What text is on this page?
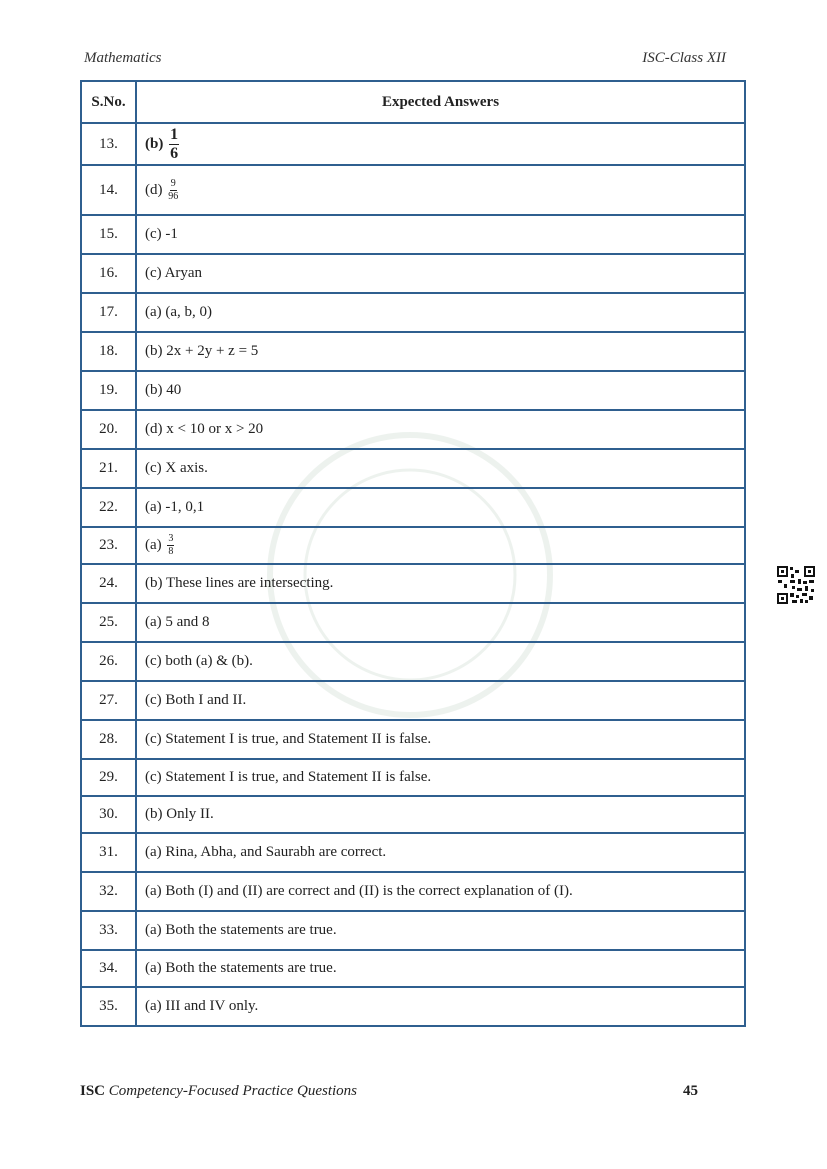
Mathematics	ISC-Class XII
S.No.	Expected Answers
13.	$(b) \frac{1}{6}$

14.	$(d) \frac{9}{96}$

15.	(c) -1
16.	(c) Aryan
17.	(a) (a, b, 0)
18.	(b) 2x + 2y + z = 5
19.	(b) 40
20.	(d) x < 10 or x > 20
21.	(c) X axis.
22.	(a) -1, 0,1
23.	$(a) \frac{3}{8}$

24.	(b) These lines are intersecting.
25.	(a) 5 and 8
26.	(c) both (a) & (b).
27.	(c) Both I and II.
28.	(c) Statement I is true, and Statement II is false.
29.	(c) Statement I is true, and Statement II is false.
30.	(b) Only II.
31.	(a) Rina, Abha, and Saurabh are correct.
32.	(a) Both (I) and (II) are correct and (II) is the correct explanation of (I).
33.	(a) Both the statements are true.
34.	(a) Both the statements are true.
35.	(a) III and IV only.
ISC Competency-Focused Practice Questions	45
